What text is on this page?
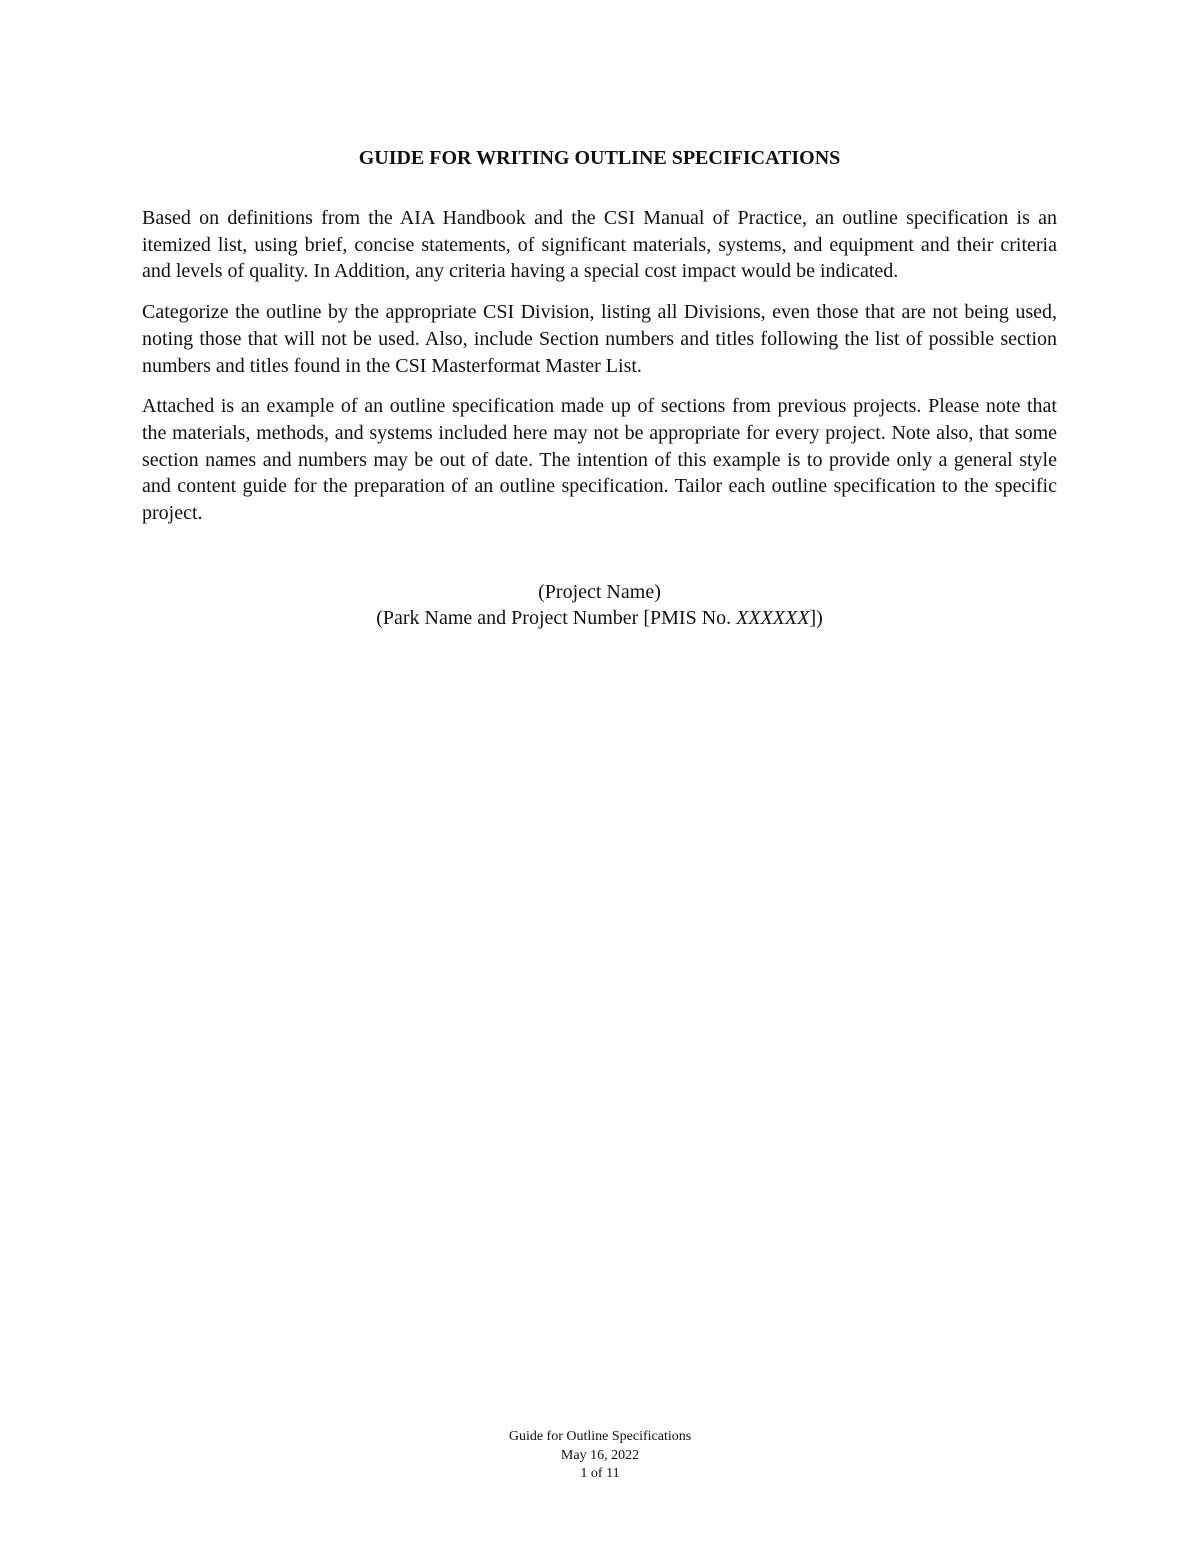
GUIDE FOR WRITING OUTLINE SPECIFICATIONS

Based on definitions from the AIA Handbook and the CSI Manual of Practice, an outline specification is an itemized list, using brief, concise statements, of significant materials, systems, and equipment and their criteria and levels of quality. In Addition, any criteria having a special cost impact would be indicated.

Categorize the outline by the appropriate CSI Division, listing all Divisions, even those that are not being used, noting those that will not be used. Also, include Section numbers and titles following the list of possible section numbers and titles found in the CSI Masterformat Master List.

Attached is an example of an outline specification made up of sections from previous projects. Please note that the materials, methods, and systems included here may not be appropriate for every project. Note also, that some section names and numbers may be out of date. The intention of this example is to provide only a general style and content guide for the preparation of an outline specification. Tailor each outline specification to the specific project.

(Project Name)
(Park Name and Project Number [PMIS No. XXXXXX])
Guide for Outline Specifications
May 16, 2022
1 of 11
